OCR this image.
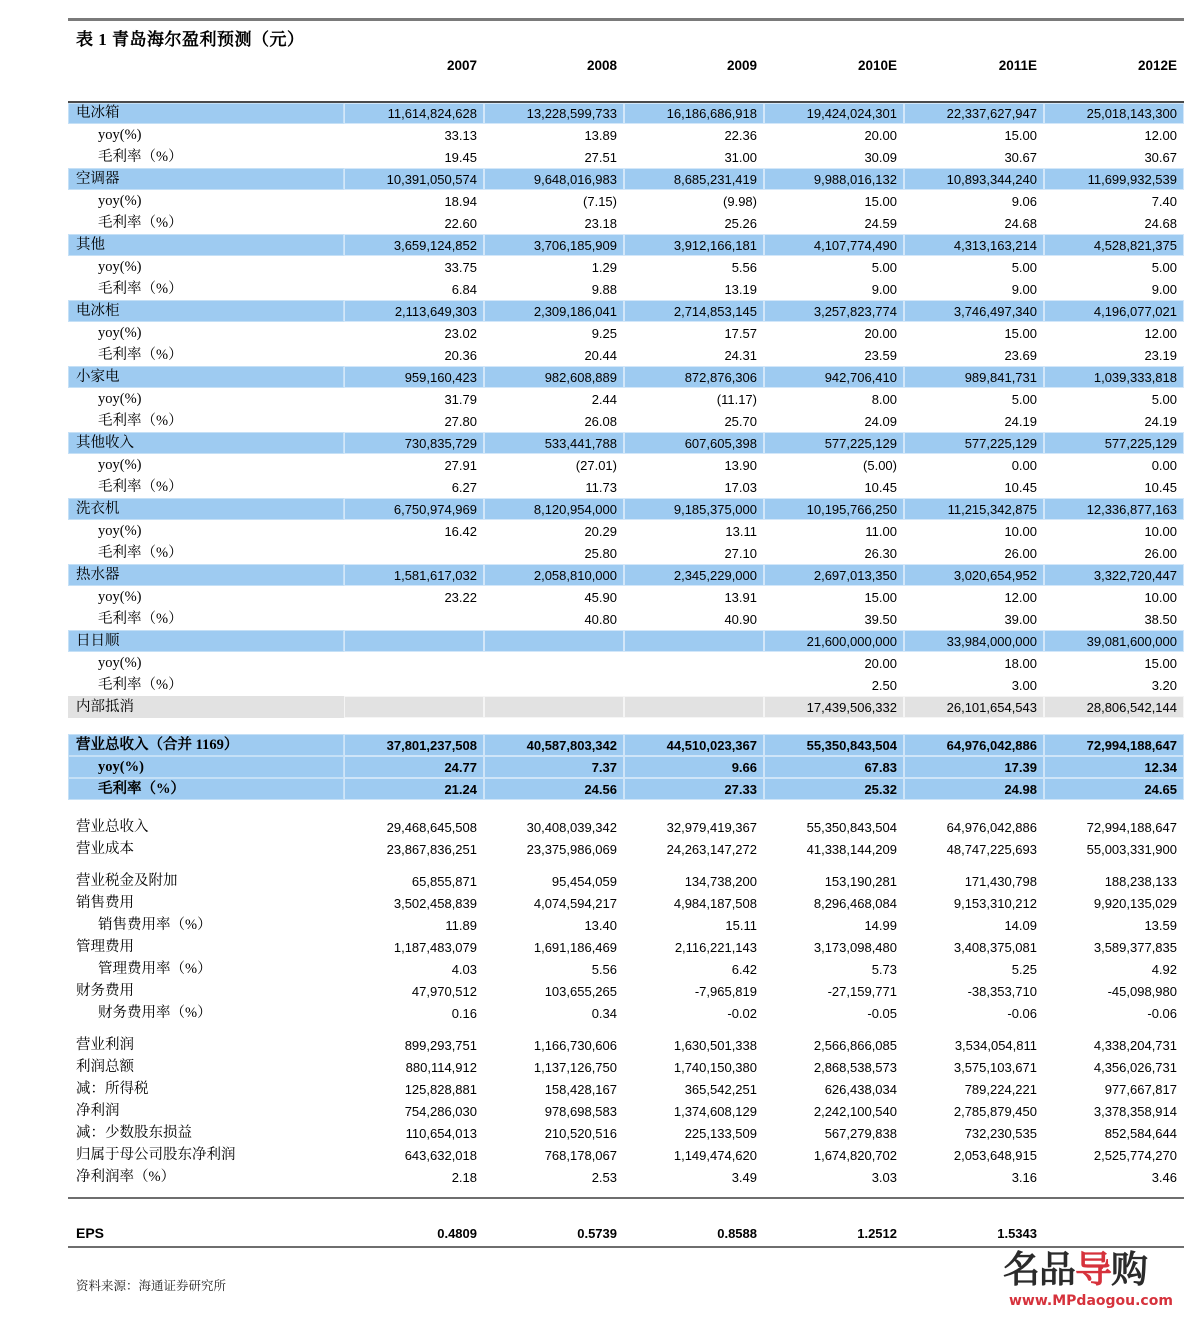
表 1 青岛海尔盈利预测（元）
	2007	2008	2009	2010E	2011E	2012E

电冰箱	11,614,824,628	13,228,599,733	16,186,686,918	19,424,024,301	22,337,627,947	25,018,143,300
yoy(%)	33.13	13.89	22.36	20.00	15.00	12.00
毛利率（%）	19.45	27.51	31.00	30.09	30.67	30.67
空调器	10,391,050,574	9,648,016,983	8,685,231,419	9,988,016,132	10,893,344,240	11,699,932,539
yoy(%)	18.94	(7.15)	(9.98)	15.00	9.06	7.40
毛利率（%）	22.60	23.18	25.26	24.59	24.68	24.68
其他	3,659,124,852	3,706,185,909	3,912,166,181	4,107,774,490	4,313,163,214	4,528,821,375
yoy(%)	33.75	1.29	5.56	5.00	5.00	5.00
毛利率（%）	6.84	9.88	13.19	9.00	9.00	9.00
电冰柜	2,113,649,303	2,309,186,041	2,714,853,145	3,257,823,774	3,746,497,340	4,196,077,021
yoy(%)	23.02	9.25	17.57	20.00	15.00	12.00
毛利率（%）	20.36	20.44	24.31	23.59	23.69	23.19
小家电	959,160,423	982,608,889	872,876,306	942,706,410	989,841,731	1,039,333,818
yoy(%)	31.79	2.44	(11.17)	8.00	5.00	5.00
毛利率（%）	27.80	26.08	25.70	24.09	24.19	24.19
其他收入	730,835,729	533,441,788	607,605,398	577,225,129	577,225,129	577,225,129
yoy(%)	27.91	(27.01)	13.90	(5.00)	0.00	0.00
毛利率（%）	6.27	11.73	17.03	10.45	10.45	10.45
洗衣机	6,750,974,969	8,120,954,000	9,185,375,000	10,195,766,250	11,215,342,875	12,336,877,163
yoy(%)	16.42	20.29	13.11	11.00	10.00	10.00
毛利率（%）		25.80	27.10	26.30	26.00	26.00
热水器	1,581,617,032	2,058,810,000	2,345,229,000	2,697,013,350	3,020,654,952	3,322,720,447
yoy(%)	23.22	45.90	13.91	15.00	12.00	10.00
毛利率（%）		40.80	40.90	39.50	39.00	38.50
日日顺				21,600,000,000	33,984,000,000	39,081,600,000
yoy(%)				20.00	18.00	15.00
毛利率（%）				2.50	3.00	3.20
内部抵消				17,439,506,332	26,101,654,543	28,806,542,144

营业总收入（合并 1169）	37,801,237,508	40,587,803,342	44,510,023,367	55,350,843,504	64,976,042,886	72,994,188,647
yoy(%)	24.77	7.37	9.66	67.83	17.39	12.34
毛利率（%）	21.24	24.56	27.33	25.32	24.98	24.65

营业总收入	29,468,645,508	30,408,039,342	32,979,419,367	55,350,843,504	64,976,042,886	72,994,188,647
营业成本	23,867,836,251	23,375,986,069	24,263,147,272	41,338,144,209	48,747,225,693	55,003,331,900

营业税金及附加	65,855,871	95,454,059	134,738,200	153,190,281	171,430,798	188,238,133
销售费用	3,502,458,839	4,074,594,217	4,984,187,508	8,296,468,084	9,153,310,212	9,920,135,029
销售费用率（%）	11.89	13.40	15.11	14.99	14.09	13.59
管理费用	1,187,483,079	1,691,186,469	2,116,221,143	3,173,098,480	3,408,375,081	3,589,377,835
管理费用率（%）	4.03	5.56	6.42	5.73	5.25	4.92
财务费用	47,970,512	103,655,265	-7,965,819	-27,159,771	-38,353,710	-45,098,980
财务费用率（%）	0.16	0.34	-0.02	-0.05	-0.06	-0.06

营业利润	899,293,751	1,166,730,606	1,630,501,338	2,566,866,085	3,534,054,811	4,338,204,731
利润总额	880,114,912	1,137,126,750	1,740,150,380	2,868,538,573	3,575,103,671	4,356,026,731
减：所得税	125,828,881	158,428,167	365,542,251	626,438,034	789,224,221	977,667,817
净利润	754,286,030	978,698,583	1,374,608,129	2,242,100,540	2,785,879,450	3,378,358,914
减：少数股东损益	110,654,013	210,520,516	225,133,509	567,279,838	732,230,535	852,584,644
归属于母公司股东净利润	643,632,018	768,178,067	1,149,474,620	1,674,820,702	2,053,648,915	2,525,774,270
净利润率（%）	2.18	2.53	3.49	3.03	3.16	3.46

EPS	0.4809	0.5739	0.8588	1.2512	1.5343	

资料来源：海通证券研究所	名品导购
www.MPdaogou.com
